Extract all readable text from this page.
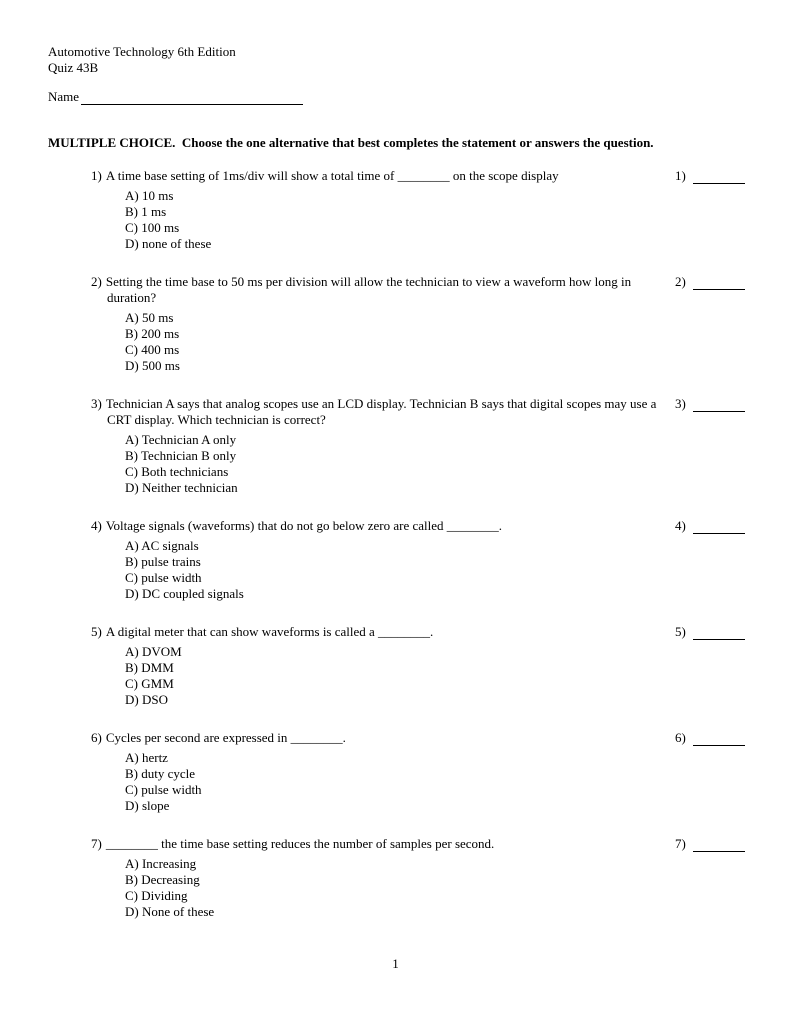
Automotive Technology 6th Edition
Quiz 43B
Name
MULTIPLE CHOICE.  Choose the one alternative that best completes the statement or answers the question.
1) A time base setting of 1ms/div will show a total time of ________ on the scope display
A) 10 ms
B) 1 ms
C) 100 ms
D) none of these
1)
2) Setting the time base to 50 ms per division will allow the technician to view a waveform how long in duration?
A) 50 ms
B) 200 ms
C) 400 ms
D) 500 ms
2)
3) Technician A says that analog scopes use an LCD display. Technician B says that digital scopes may use a CRT display. Which technician is correct?
A) Technician A only
B) Technician B only
C) Both technicians
D) Neither technician
3)
4) Voltage signals (waveforms) that do not go below zero are called ________.
A) AC signals
B) pulse trains
C) pulse width
D) DC coupled signals
4)
5) A digital meter that can show waveforms is called a ________.
A) DVOM
B) DMM
C) GMM
D) DSO
5)
6) Cycles per second are expressed in ________.
A) hertz
B) duty cycle
C) pulse width
D) slope
6)
7) ________ the time base setting reduces the number of samples per second.
A) Increasing
B) Decreasing
C) Dividing
D) None of these
7)
1
